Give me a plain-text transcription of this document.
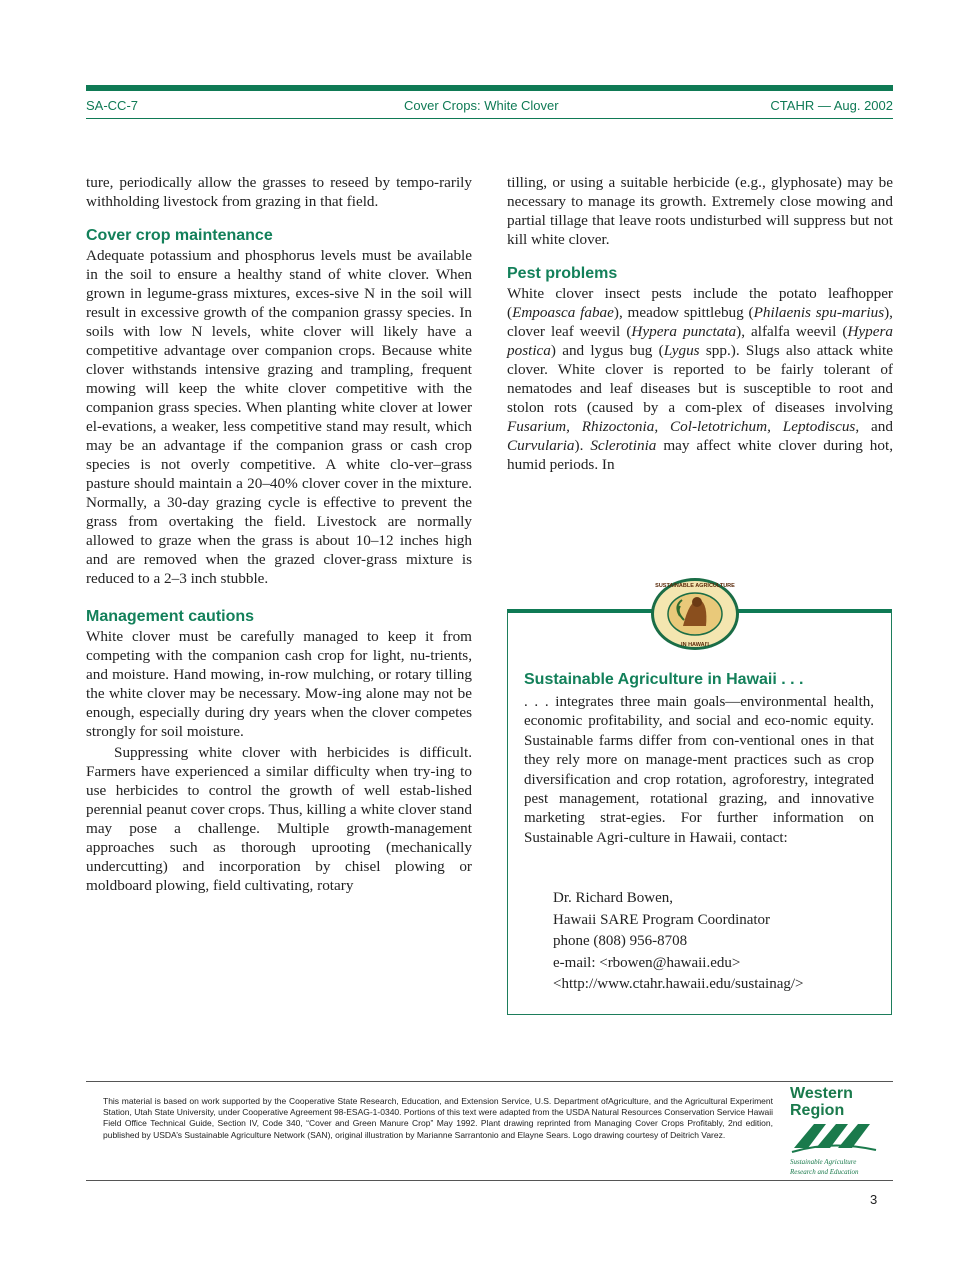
SA-CC-7	Cover Crops: White Clover	CTAHR — Aug. 2002

ture, periodically allow the grasses to reseed by tempo-rarily withholding livestock from grazing in that field.

Cover crop maintenance

Adequate potassium and phosphorus levels must be available in the soil to ensure a healthy stand of white clover. When grown in legume-grass mixtures, exces-sive N in the soil will result in excessive growth of the companion grassy species. In soils with low N levels, white clover will likely have a competitive advantage over companion crops. Because white clover withstands intensive grazing and trampling, frequent mowing will keep the white clover competitive with the companion grass species. When planting white clover at lower el-evations, a weaker, less competitive stand may result, which may be an advantage if the companion grass or cash crop species is not overly competitive. A white clo-ver–grass pasture should maintain a 20–40% clover cover in the mixture. Normally, a 30-day grazing cycle is effective to prevent the grass from overtaking the field. Livestock are normally allowed to graze when the grass is about 10–12 inches high and are removed when the grazed clover-grass mixture is reduced to a 2–3 inch stubble.

Management cautions

White clover must be carefully managed to keep it from competing with the companion cash crop for light, nu-trients, and moisture. Hand mowing, in-row mulching, or rotary tilling the white clover may be necessary. Mow-ing alone may not be enough, especially during dry years when the clover competes strongly for soil moisture.

Suppressing white clover with herbicides is difficult. Farmers have experienced a similar difficulty when try-ing to use herbicides to control the growth of well estab-lished perennial peanut cover crops. Thus, killing a white clover stand may pose a challenge. Multiple growth-management approaches such as thorough uprooting (mechanically undercutting) and incorporation by chisel plowing or moldboard plowing, field cultivating, rotary

tilling, or using a suitable herbicide (e.g., glyphosate) may be necessary to manage its growth. Extremely close mowing and partial tillage that leave roots undisturbed will suppress but not kill white clover.

Pest problems

White clover insect pests include the potato leafhopper (Empoasca fabae), meadow spittlebug (Philaenis spu-marius), clover leaf weevil (Hypera punctata), alfalfa weevil (Hypera postica) and lygus bug (Lygus spp.). Slugs also attack white clover. White clover is reported to be fairly tolerant of nematodes and leaf diseases but is susceptible to root and stolon rots (caused by a com-plex of diseases involving Fusarium, Rhizoctonia, Col-letotrichum, Leptodiscus, and Curvularia). Sclerotinia may affect white clover during hot, humid periods. In

Sustainable Agriculture in Hawaii . . .
. . . integrates three main goals—environmental health, economic profitability, and social and eco-nomic equity. Sustainable farms differ from con-ventional ones in that they rely more on manage-ment practices such as crop diversification and crop rotation, agroforestry, integrated pest management, rotational grazing, and innovative marketing strat-egies. For further information on Sustainable Agri-culture in Hawaii, contact:
Dr. Richard Bowen,
Hawaii SARE Program Coordinator
phone (808) 956-8708
e-mail: <rbowen@hawaii.edu>
<http://www.ctahr.hawaii.edu/sustainag/>
SUSTAINABLE AGRICULTURE
IN HAWAI'I
This material is based on work supported by the Cooperative State Research, Education, and Extension Service, U.S. Department ofAgriculture, and the Agricultural Experiment Station, Utah State University, under Cooperative Agreement 98-ESAG-1-0340. Portions of this text were adapted from the USDA Natural Resources Conservation Service Hawaii Field Office Technical Guide, Section IV, Code 340, “Cover and Green Manure Crop” May 1992. Plant drawing reprinted from Managing Cover Crops Profitably, 2nd edition, published by USDA’s Sustainable Agriculture Network (SAN), original illustration by Marianne Sarrantonio and Elayne Sears. Logo drawing courtesy of Deitrich Varez.
Western
Region
Sustainable Agriculture
Research and Education
3
